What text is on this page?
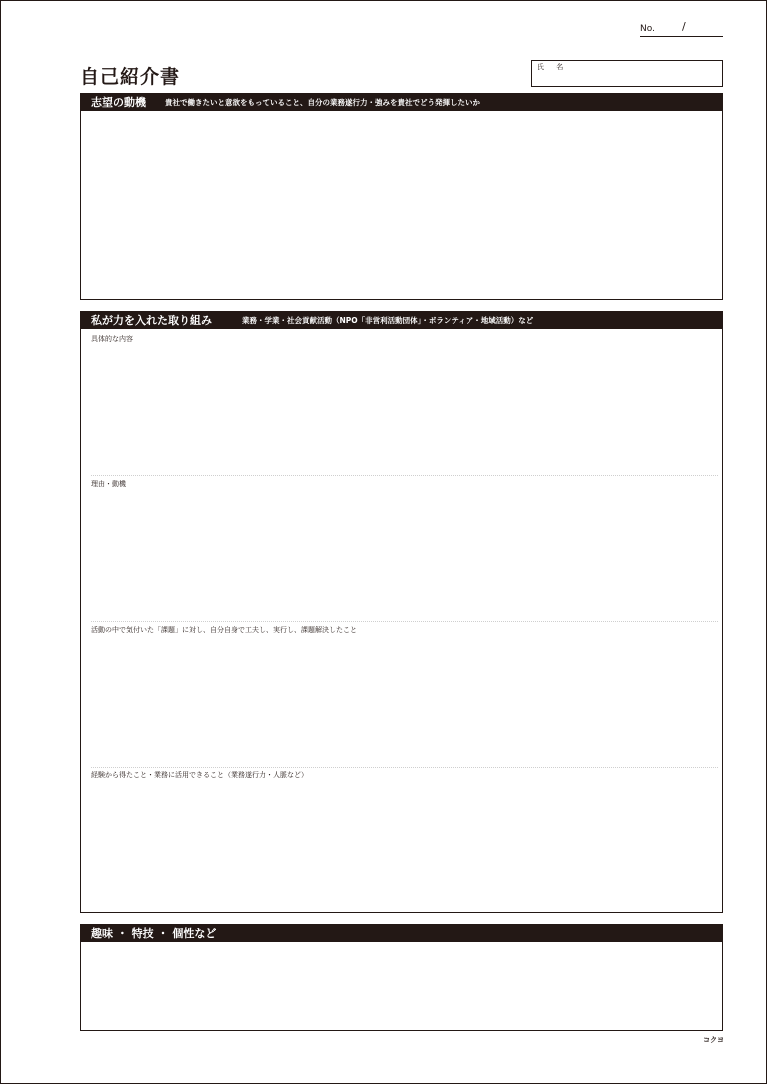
No. /
自己紹介書	氏 名
志望の動機	貴社で働きたいと意欲をもっていること、自分の業務遂行力・強みを貴社でどう発揮したいか
私が力を入れた取り組み	業務・学業・社会貢献活動（NPO「非営利活動団体」・ボランティア・地域活動）など
具体的な内容
理由・動機
活動の中で気付いた「課題」に対し、自分自身で工夫し、実行し、課題解決したこと
経験から得たこと・業務に活用できること（業務遂行力・人脈など）
趣味 ・ 特技 ・ 個性など
コクヨ
